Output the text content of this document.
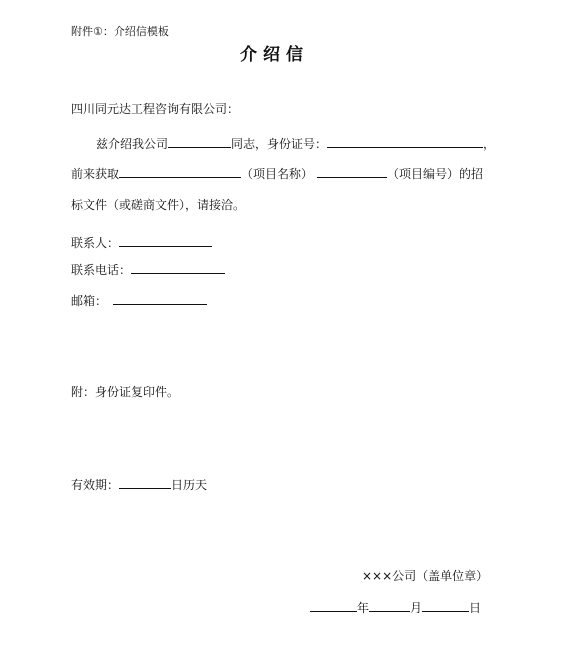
附件①：介绍信模板
介绍信
四川同元达工程咨询有限公司：
兹介绍我公司	同志，身份证号：	，
前来获取	（项目名称）	（项目编号）的招
标文件（或磋商文件），请接洽。
联系人：
联系电话：
邮箱：
附：身份证复印件。
有效期：	日历天
×××公司（盖单位章）
年	月	日
